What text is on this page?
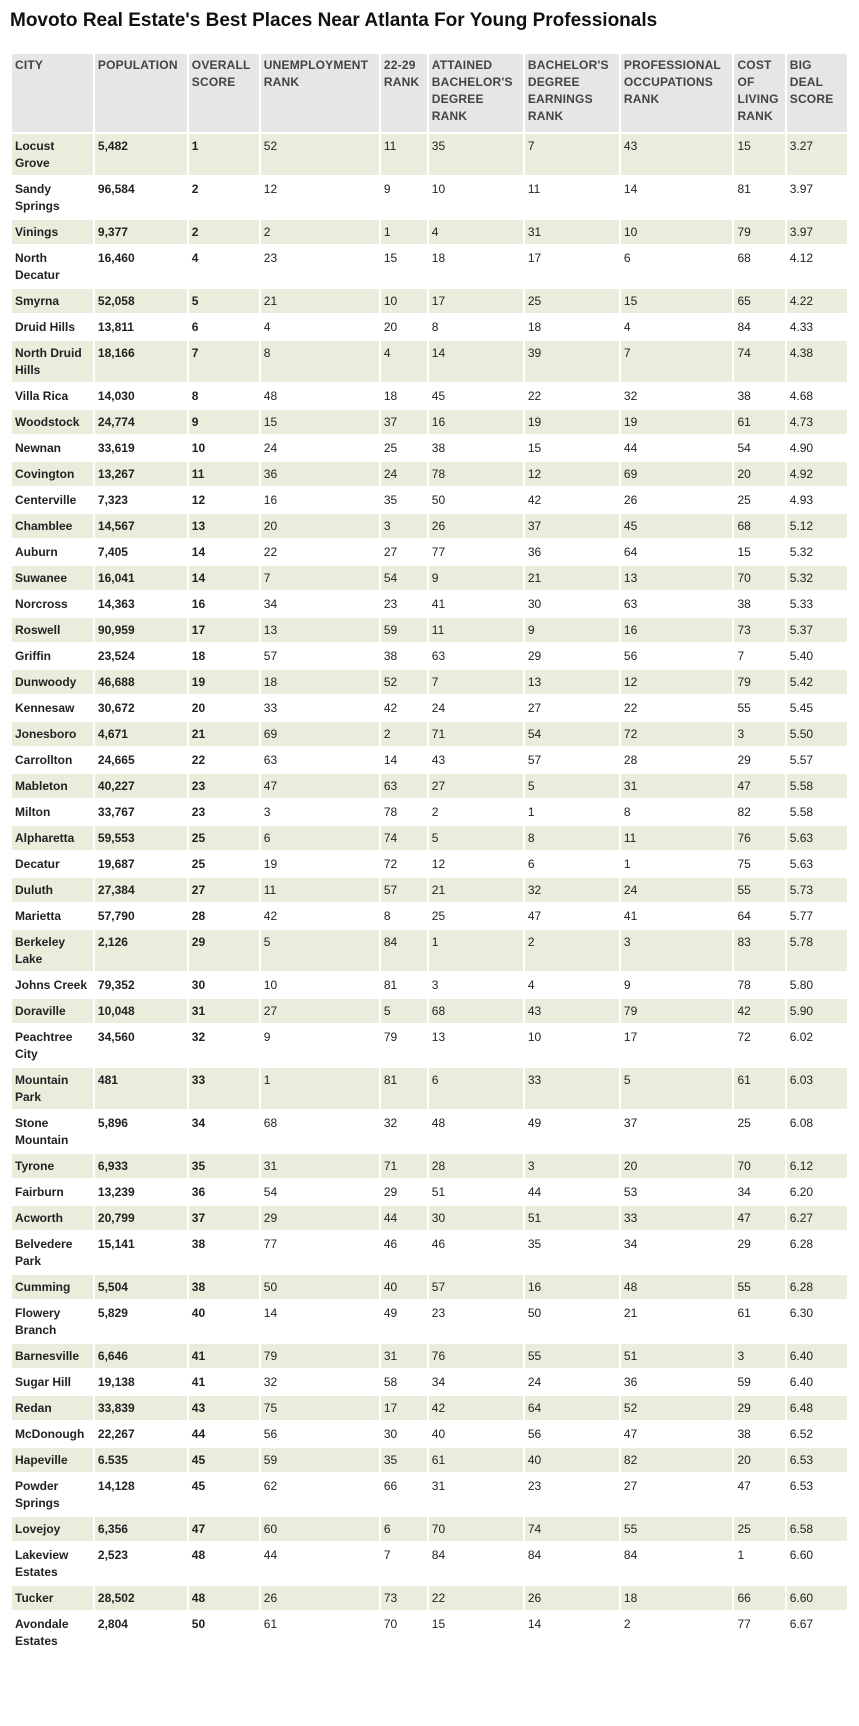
Movoto Real Estate's Best Places Near Atlanta For Young Professionals
CITY	POPULATION	OVERALL SCORE	UNEMPLOYMENT RANK	22-29 RANK	ATTAINED BACHELOR'S DEGREE RANK	BACHELOR'S DEGREE EARNINGS RANK	PROFESSIONAL OCCUPATIONS RANK	COST OF LIVING RANK	BIG DEAL SCORE
Locust Grove	5,482	1	52	11	35	7	43	15	3.27
Sandy Springs	96,584	2	12	9	10	11	14	81	3.97
Vinings	9,377	2	2	1	4	31	10	79	3.97
North Decatur	16,460	4	23	15	18	17	6	68	4.12
Smyrna	52,058	5	21	10	17	25	15	65	4.22
Druid Hills	13,811	6	4	20	8	18	4	84	4.33
North Druid Hills	18,166	7	8	4	14	39	7	74	4.38
Villa Rica	14,030	8	48	18	45	22	32	38	4.68
Woodstock	24,774	9	15	37	16	19	19	61	4.73
Newnan	33,619	10	24	25	38	15	44	54	4.90
Covington	13,267	11	36	24	78	12	69	20	4.92
Centerville	7,323	12	16	35	50	42	26	25	4.93
Chamblee	14,567	13	20	3	26	37	45	68	5.12
Auburn	7,405	14	22	27	77	36	64	15	5.32
Suwanee	16,041	14	7	54	9	21	13	70	5.32
Norcross	14,363	16	34	23	41	30	63	38	5.33
Roswell	90,959	17	13	59	11	9	16	73	5.37
Griffin	23,524	18	57	38	63	29	56	7	5.40
Dunwoody	46,688	19	18	52	7	13	12	79	5.42
Kennesaw	30,672	20	33	42	24	27	22	55	5.45
Jonesboro	4,671	21	69	2	71	54	72	3	5.50
Carrollton	24,665	22	63	14	43	57	28	29	5.57
Mableton	40,227	23	47	63	27	5	31	47	5.58
Milton	33,767	23	3	78	2	1	8	82	5.58
Alpharetta	59,553	25	6	74	5	8	11	76	5.63
Decatur	19,687	25	19	72	12	6	1	75	5.63
Duluth	27,384	27	11	57	21	32	24	55	5.73
Marietta	57,790	28	42	8	25	47	41	64	5.77
Berkeley Lake	2,126	29	5	84	1	2	3	83	5.78
Johns Creek	79,352	30	10	81	3	4	9	78	5.80
Doraville	10,048	31	27	5	68	43	79	42	5.90
Peachtree City	34,560	32	9	79	13	10	17	72	6.02
Mountain Park	481	33	1	81	6	33	5	61	6.03
Stone Mountain	5,896	34	68	32	48	49	37	25	6.08
Tyrone	6,933	35	31	71	28	3	20	70	6.12
Fairburn	13,239	36	54	29	51	44	53	34	6.20
Acworth	20,799	37	29	44	30	51	33	47	6.27
Belvedere Park	15,141	38	77	46	46	35	34	29	6.28
Cumming	5,504	38	50	40	57	16	48	55	6.28
Flowery Branch	5,829	40	14	49	23	50	21	61	6.30
Barnesville	6,646	41	79	31	76	55	51	3	6.40
Sugar Hill	19,138	41	32	58	34	24	36	59	6.40
Redan	33,839	43	75	17	42	64	52	29	6.48
McDonough	22,267	44	56	30	40	56	47	38	6.52
Hapeville	6.535	45	59	35	61	40	82	20	6.53
Powder Springs	14,128	45	62	66	31	23	27	47	6.53
Lovejoy	6,356	47	60	6	70	74	55	25	6.58
Lakeview Estates	2,523	48	44	7	84	84	84	1	6.60
Tucker	28,502	48	26	73	22	26	18	66	6.60
Avondale Estates	2,804	50	61	70	15	14	2	77	6.67
